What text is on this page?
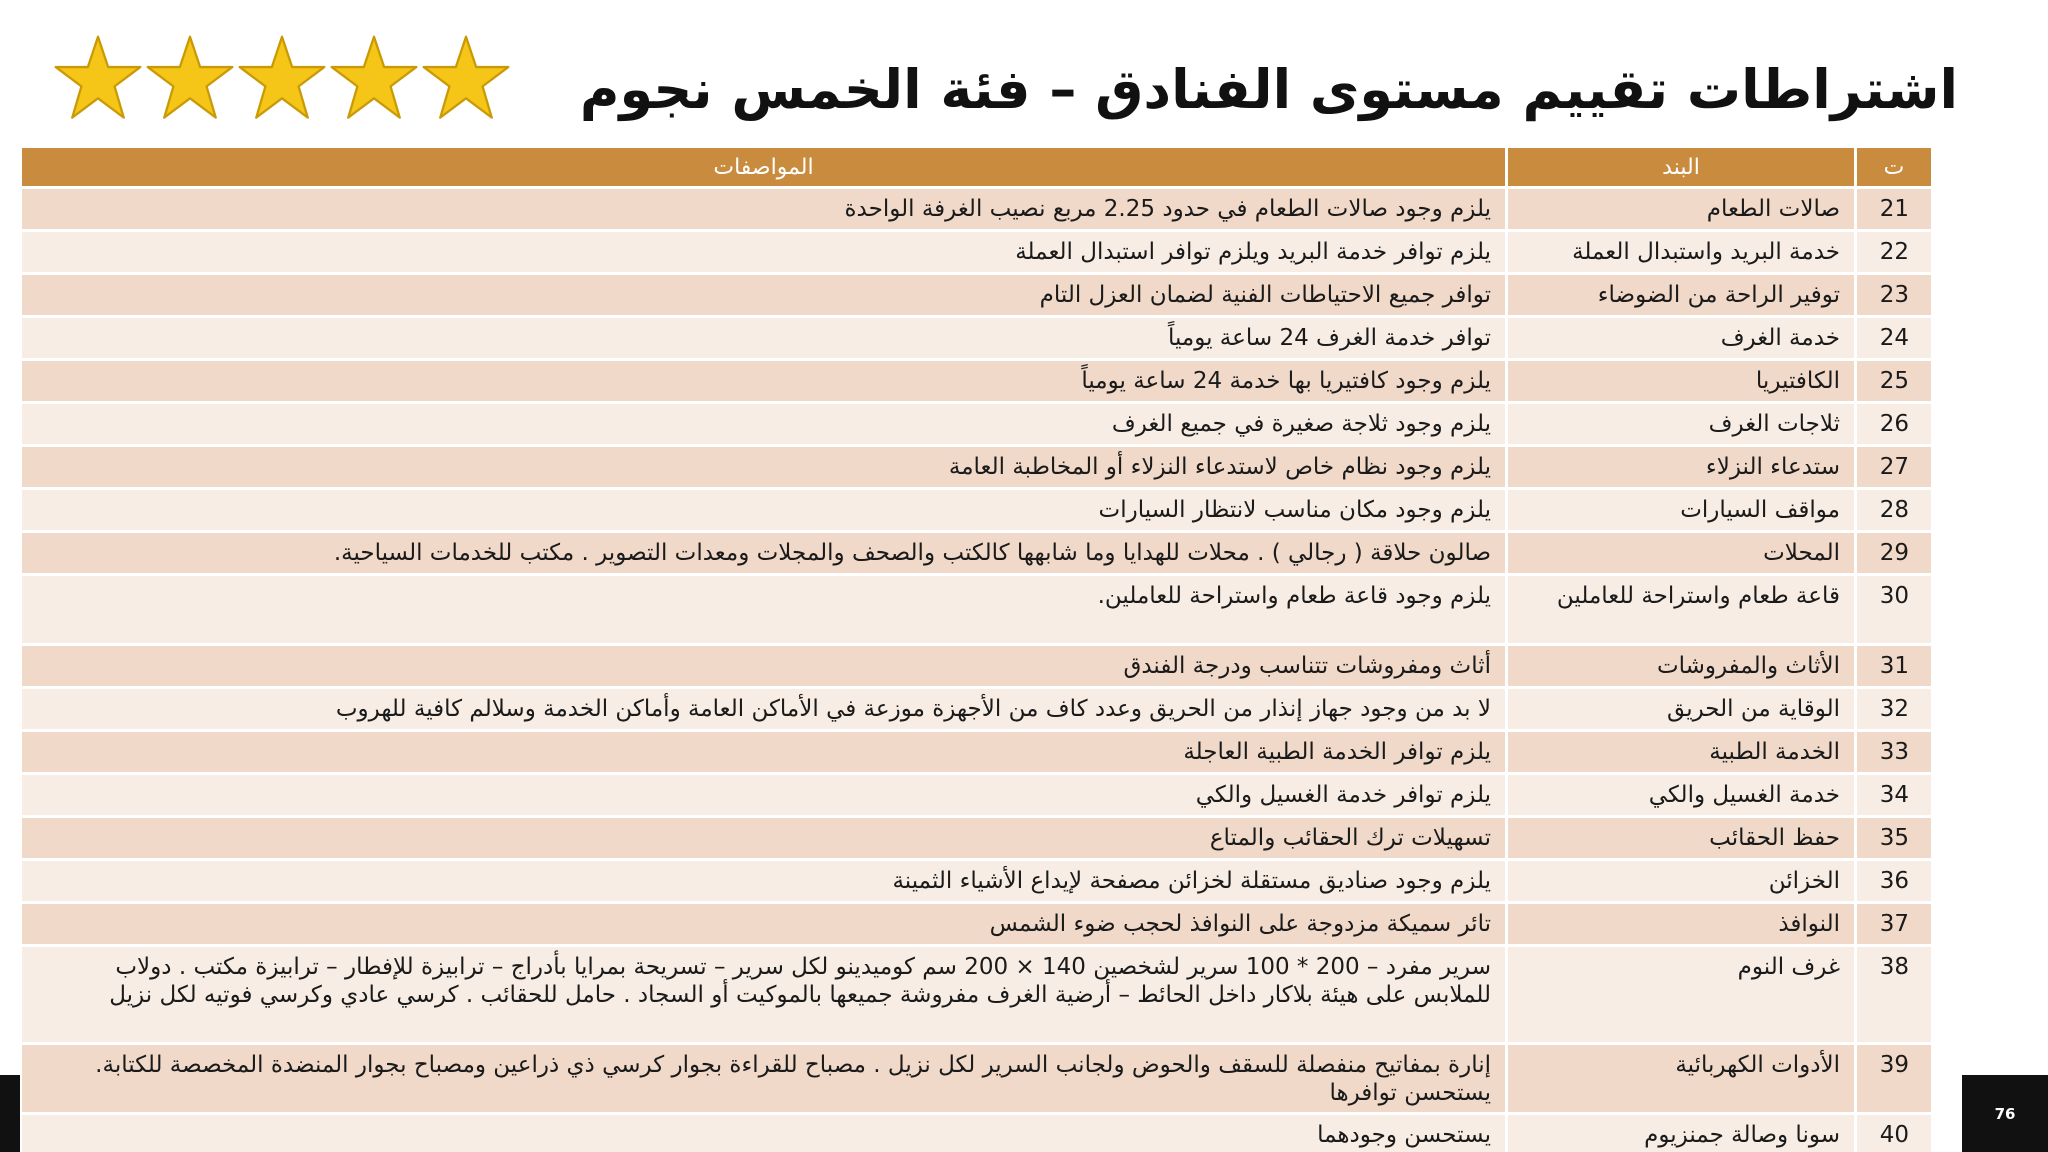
اشتراطات تقييم مستوى الفنادق – فئة الخمس نجوم
ت	البند	المواصفات
21	صالات الطعام	يلزم وجود صالات الطعام في حدود 2.25 مربع نصيب الغرفة الواحدة
22	خدمة البريد واستبدال العملة	يلزم توافر خدمة البريد ويلزم توافر استبدال العملة
23	توفير الراحة من الضوضاء	توافر جميع الاحتياطات الفنية لضمان العزل التام
24	خدمة الغرف	توافر خدمة الغرف 24 ساعة يومياً
25	الكافتيريا	يلزم وجود كافتيريا بها خدمة 24 ساعة يومياً
26	ثلاجات الغرف	يلزم وجود ثلاجة صغيرة في جميع الغرف
27	ستدعاء النزلاء	يلزم وجود نظام خاص لاستدعاء النزلاء أو المخاطبة العامة
28	مواقف السيارات	يلزم وجود مكان مناسب لانتظار السيارات
29	المحلات	صالون حلاقة ( رجالي ) . محلات للهدايا وما شابهها كالكتب والصحف والمجلات ومعدات التصوير . مكتب للخدمات السياحية.
30	قاعة طعام واستراحة للعاملين	يلزم وجود قاعة طعام واستراحة للعاملين.
31	الأثاث والمفروشات	أثاث ومفروشات تتناسب ودرجة الفندق
32	الوقاية من الحريق	لا بد من وجود جهاز إنذار من الحريق وعدد كاف من الأجهزة موزعة في الأماكن العامة وأماكن الخدمة وسلالم كافية للهروب
33	الخدمة الطبية	يلزم توافر الخدمة الطبية العاجلة
34	خدمة الغسيل والكي	يلزم توافر خدمة الغسيل والكي
35	حفظ الحقائب	تسهيلات ترك الحقائب والمتاع
36	الخزائن	يلزم وجود صناديق مستقلة لخزائن مصفحة لإيداع الأشياء الثمينة
37	النوافذ	تائر سميكة مزدوجة على النوافذ لحجب ضوء الشمس
38	غرف النوم	سرير مفرد – 200 * 100 سرير لشخصين 140 × 200 سم كوميدينو لكل سرير – تسريحة بمرايا بأدراج – ترابيزة للإفطار – ترابيزة مكتب . دولاب للملابس على هيئة بلاكار داخل الحائط – أرضية الغرف مفروشة جميعها بالموكيت أو السجاد . حامل للحقائب . كرسي عادي وكرسي فوتيه لكل نزيل
39	الأدوات الكهربائية	إنارة بمفاتيح منفصلة للسقف والحوض ولجانب السرير لكل نزيل . مصباح للقراءة بجوار كرسي ذي ذراعين ومصباح بجوار المنضدة المخصصة للكتابة. يستحسن توافرها
40	سونا وصالة جمنزيوم	يستحسن وجودهما
76
